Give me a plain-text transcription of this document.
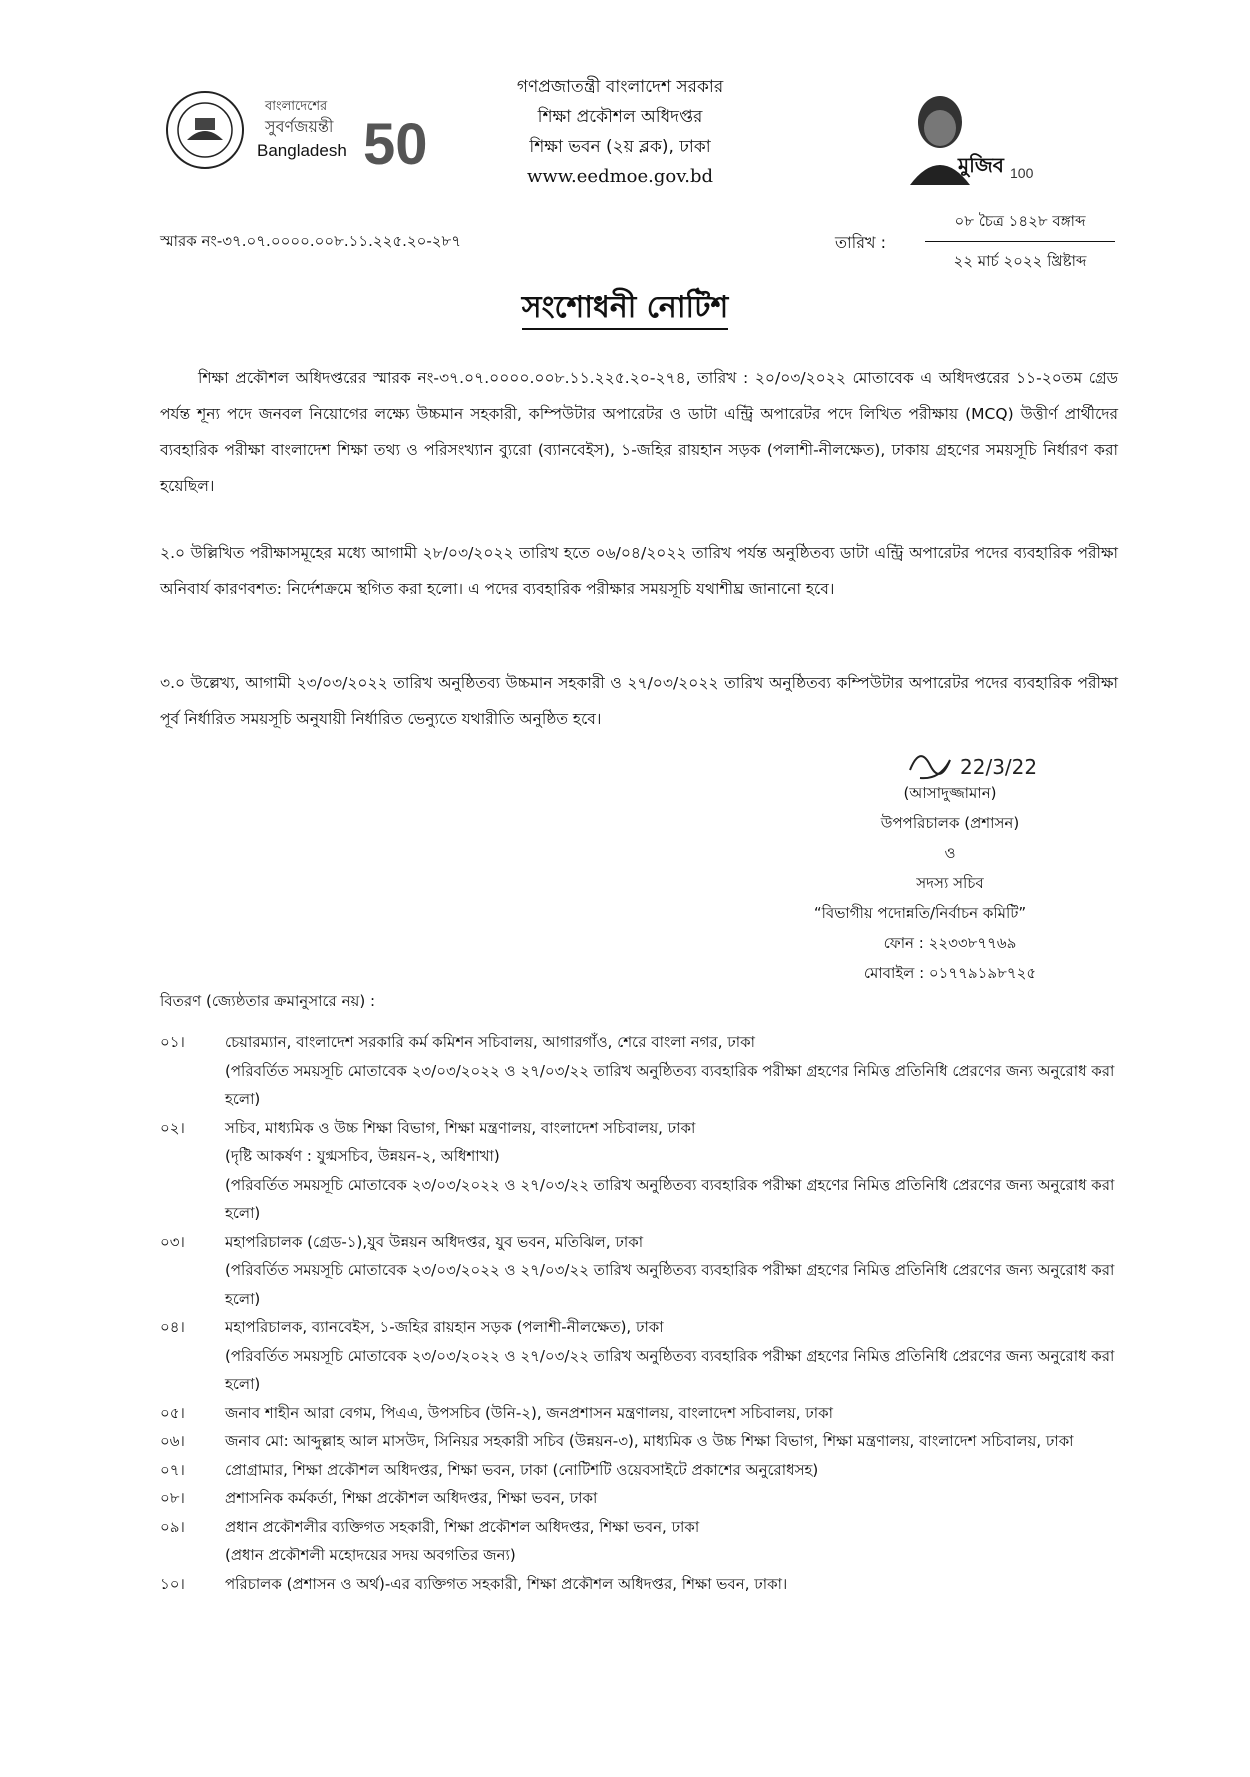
বাংলাদেশের
সুবর্ণজয়ন্তী
Bangladesh 50
গণপ্রজাতন্ত্রী বাংলাদেশ সরকার
শিক্ষা প্রকৌশল অধিদপ্তর
শিক্ষা ভবন (২য় ব্লক), ঢাকা
www.eedmoe.gov.bd	মুজিব 100
স্মারক নং-৩৭.০৭.০০০০.০০৮.১১.২২৫.২০-২৮৭	তারিখ :
০৮ চৈত্র ১৪২৮ বঙ্গাব্দ
২২ মার্চ ২০২২ খ্রিষ্টাব্দ
সংশোধনী নোটিশ
শিক্ষা প্রকৌশল অধিদপ্তরের স্মারক নং-৩৭.০৭.০০০০.০০৮.১১.২২৫.২০-২৭৪, তারিখ : ২০/০৩/২০২২ মোতাবেক এ অধিদপ্তরের ১১-২০তম গ্রেড পর্যন্ত শূন্য পদে জনবল নিয়োগের লক্ষ্যে উচ্চমান সহকারী, কম্পিউটার অপারেটর ও ডাটা এন্ট্রি অপারেটর পদে লিখিত পরীক্ষায় (MCQ) উত্তীর্ণ প্রার্থীদের ব্যবহারিক পরীক্ষা বাংলাদেশ শিক্ষা তথ্য ও পরিসংখ্যান ব্যুরো (ব্যানবেইস), ১-জহির রায়হান সড়ক (পলাশী-নীলক্ষেত), ঢাকায় গ্রহণের সময়সূচি নির্ধারণ করা হয়েছিল।
২.০ উল্লিখিত পরীক্ষাসমূহের মধ্যে আগামী ২৮/০৩/২০২২ তারিখ হতে ০৬/০৪/২০২২ তারিখ পর্যন্ত অনুষ্ঠিতব্য ডাটা এন্ট্রি অপারেটর পদের ব্যবহারিক পরীক্ষা অনিবার্য কারণবশত: নির্দেশক্রমে স্থগিত করা হলো। এ পদের ব্যবহারিক পরীক্ষার সময়সূচি যথাশীঘ্র জানানো হবে।
৩.০ উল্লেখ্য, আগামী ২৩/০৩/২০২২ তারিখ অনুষ্ঠিতব্য উচ্চমান সহকারী ও ২৭/০৩/২০২২ তারিখ অনুষ্ঠিতব্য কম্পিউটার অপারেটর পদের ব্যবহারিক পরীক্ষা পূর্ব নির্ধারিত সময়সূচি অনুযায়ী নির্ধারিত ভেন্যুতে যথারীতি অনুষ্ঠিত হবে।
22/3/22
(আসাদুজ্জামান)
উপপরিচালক (প্রশাসন)
ও
সদস্য সচিব
“বিভাগীয় পদোন্নতি/নির্বাচন কমিটি”
ফোন : ২২৩৩৮৭৭৬৯
মোবাইল : ০১৭৭৯১৯৮৭২৫
বিতরণ (জ্যেষ্ঠতার ক্রমানুসারে নয়) :
০১।	চেয়ারম্যান, বাংলাদেশ সরকারি কর্ম কমিশন সচিবালয়, আগারগাঁও, শেরে বাংলা নগর, ঢাকা
(পরিবর্তিত সময়সূচি মোতাবেক ২৩/০৩/২০২২ ও ২৭/০৩/২২ তারিখ অনুষ্ঠিতব্য ব্যবহারিক পরীক্ষা গ্রহণের নিমিত্ত প্রতিনিধি প্রেরণের জন্য অনুরোধ করা হলো)
০২।	সচিব, মাধ্যমিক ও উচ্চ শিক্ষা বিভাগ, শিক্ষা মন্ত্রণালয়, বাংলাদেশ সচিবালয়, ঢাকা
(দৃষ্টি আকর্ষণ : যুগ্মসচিব, উন্নয়ন-২, অধিশাখা)
(পরিবর্তিত সময়সূচি মোতাবেক ২৩/০৩/২০২২ ও ২৭/০৩/২২ তারিখ অনুষ্ঠিতব্য ব্যবহারিক পরীক্ষা গ্রহণের নিমিত্ত প্রতিনিধি প্রেরণের জন্য অনুরোধ করা হলো)
০৩।	মহাপরিচালক (গ্রেড-১),যুব উন্নয়ন অধিদপ্তর, যুব ভবন, মতিঝিল, ঢাকা
(পরিবর্তিত সময়সূচি মোতাবেক ২৩/০৩/২০২২ ও ২৭/০৩/২২ তারিখ অনুষ্ঠিতব্য ব্যবহারিক পরীক্ষা গ্রহণের নিমিত্ত প্রতিনিধি প্রেরণের জন্য অনুরোধ করা হলো)
০৪।	মহাপরিচালক, ব্যানবেইস, ১-জহির রায়হান সড়ক (পলাশী-নীলক্ষেত), ঢাকা
(পরিবর্তিত সময়সূচি মোতাবেক ২৩/০৩/২০২২ ও ২৭/০৩/২২ তারিখ অনুষ্ঠিতব্য ব্যবহারিক পরীক্ষা গ্রহণের নিমিত্ত প্রতিনিধি প্রেরণের জন্য অনুরোধ করা হলো)
০৫।	জনাব শাহীন আরা বেগম, পিএএ, উপসচিব (উনি-২), জনপ্রশাসন মন্ত্রণালয়, বাংলাদেশ সচিবালয়, ঢাকা
০৬।	জনাব মো: আব্দুল্লাহ আল মাসউদ, সিনিয়র সহকারী সচিব (উন্নয়ন-৩), মাধ্যমিক ও উচ্চ শিক্ষা বিভাগ, শিক্ষা মন্ত্রণালয়, বাংলাদেশ সচিবালয়, ঢাকা
০৭।	প্রোগ্রামার, শিক্ষা প্রকৌশল অধিদপ্তর, শিক্ষা ভবন, ঢাকা (নোটিশটি ওয়েবসাইটে প্রকাশের অনুরোধসহ)
০৮।	প্রশাসনিক কর্মকর্তা, শিক্ষা প্রকৌশল অধিদপ্তর, শিক্ষা ভবন, ঢাকা
০৯।	প্রধান প্রকৌশলীর ব্যক্তিগত সহকারী, শিক্ষা প্রকৌশল অধিদপ্তর, শিক্ষা ভবন, ঢাকা
(প্রধান প্রকৌশলী মহোদয়ের সদয় অবগতির জন্য)
১০।	পরিচালক (প্রশাসন ও অর্থ)-এর ব্যক্তিগত সহকারী, শিক্ষা প্রকৌশল অধিদপ্তর, শিক্ষা ভবন, ঢাকা।
